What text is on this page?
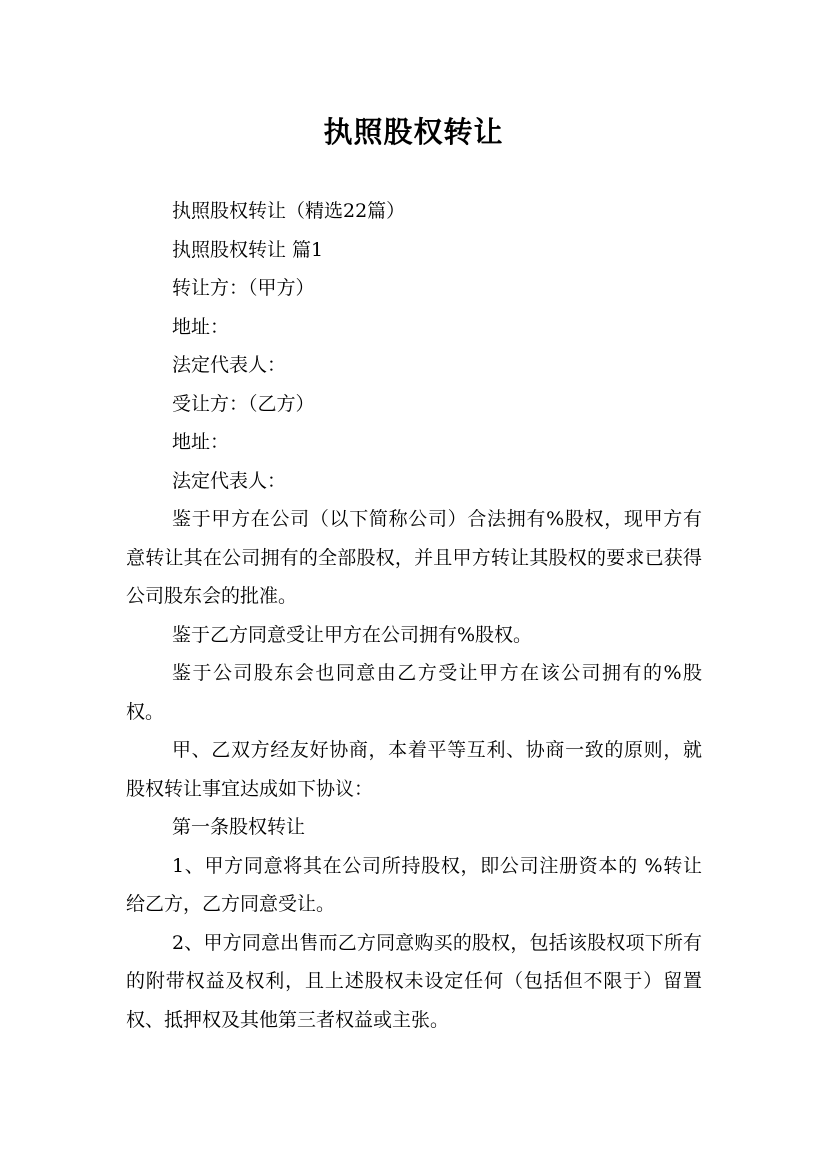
执照股权转让

执照股权转让（精选22篇）

执照股权转让 篇1

转让方：（甲方）

地址：

法定代表人：

受让方：（乙方）

地址：

法定代表人：

鉴于甲方在公司（以下简称公司）合法拥有%股权，现甲方有意转让其在公司拥有的全部股权，并且甲方转让其股权的要求已获得公司股东会的批准。

鉴于乙方同意受让甲方在公司拥有%股权。

鉴于公司股东会也同意由乙方受让甲方在该公司拥有的%股权。

甲、乙双方经友好协商，本着平等互利、协商一致的原则，就股权转让事宜达成如下协议：

第一条股权转让

1、甲方同意将其在公司所持股权，即公司注册资本的 %转让给乙方，乙方同意受让。

2、甲方同意出售而乙方同意购买的股权，包括该股权项下所有的附带权益及权利，且上述股权未设定任何（包括但不限于）留置权、抵押权及其他第三者权益或主张。
